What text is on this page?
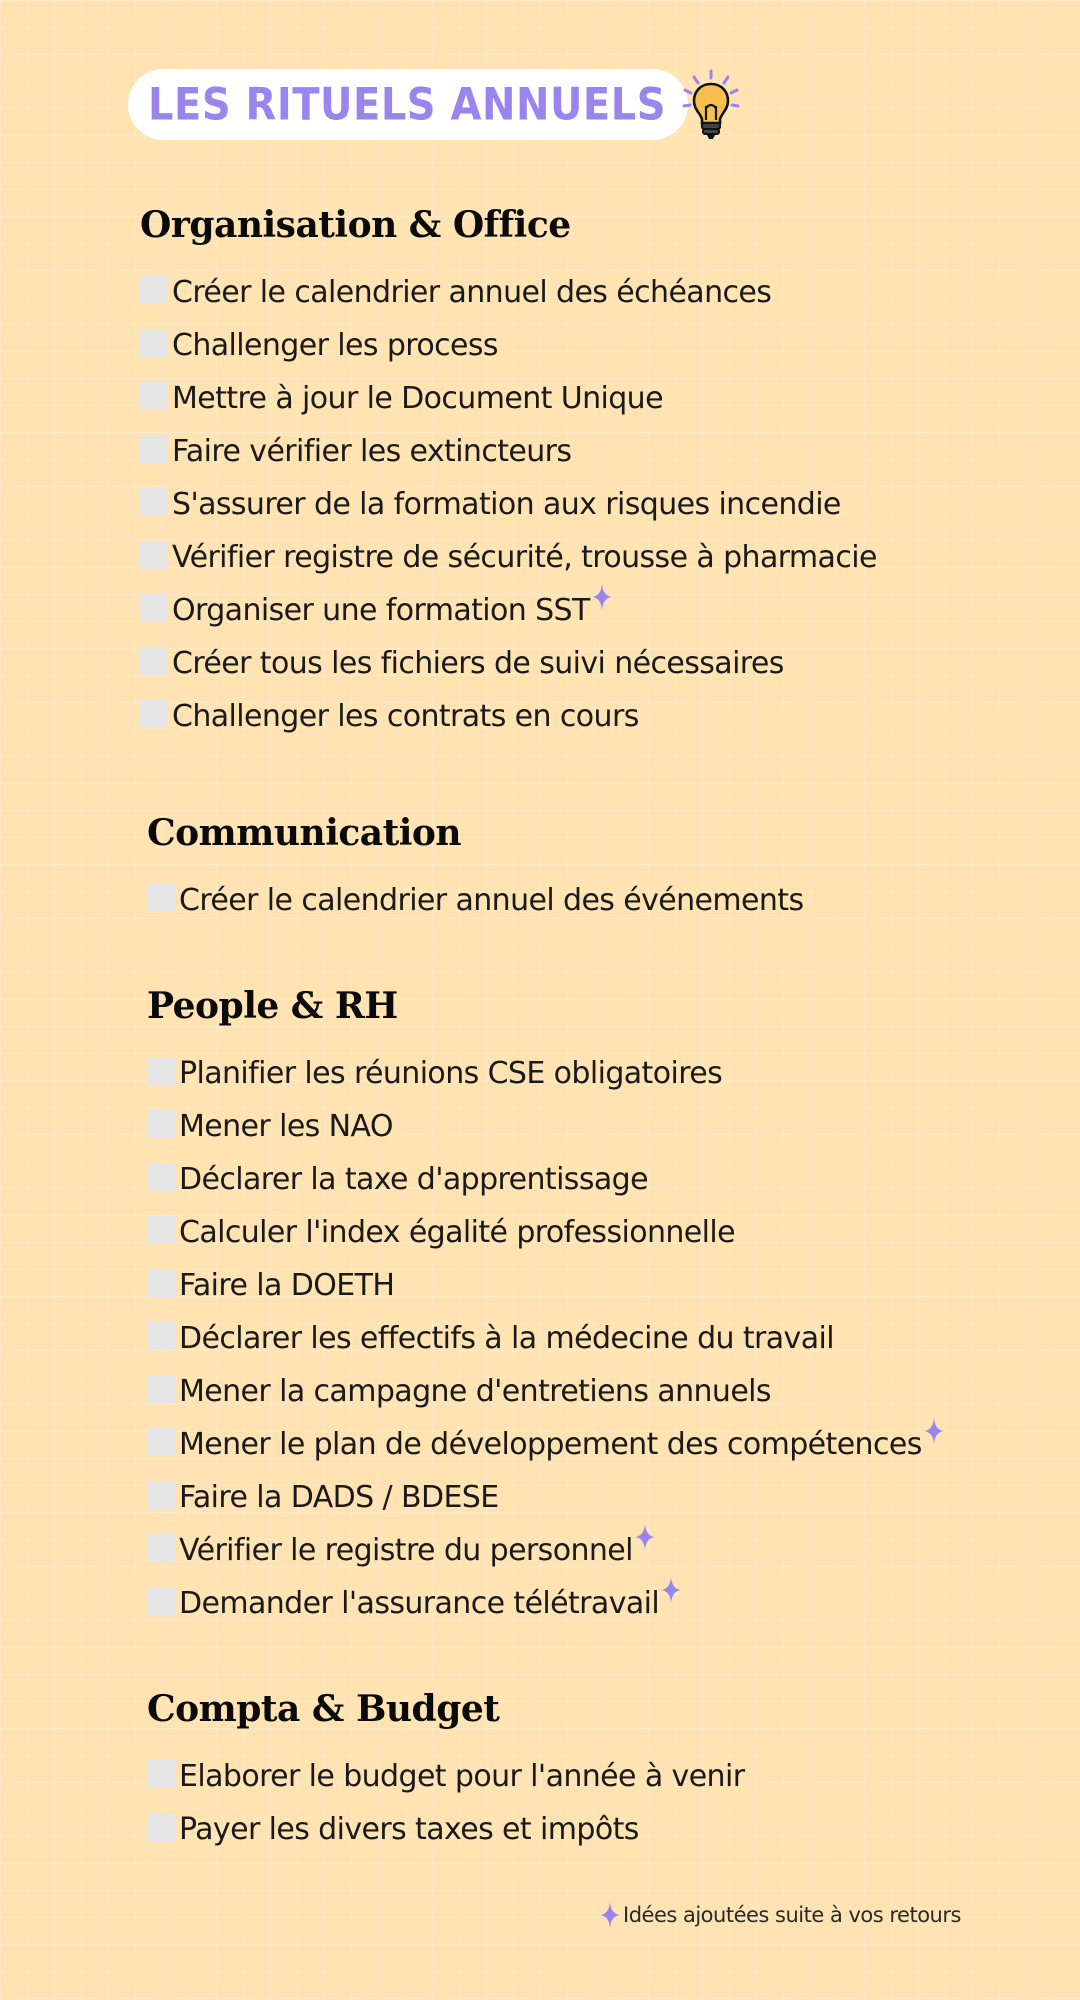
LES RITUELS ANNUELS
Organisation & Office
Créer le calendrier annuel des échéances
Challenger les process
Mettre à jour le Document Unique
Faire vérifier les extincteurs
S'assurer de la formation aux risques incendie
Vérifier registre de sécurité, trousse à pharmacie
Organiser une formation SST
Créer tous les fichiers de suivi nécessaires
Challenger les contrats en cours
Communication
Créer le calendrier annuel des événements
People & RH
Planifier les réunions CSE obligatoires
Mener les NAO
Déclarer la taxe d'apprentissage
Calculer l'index égalité professionnelle
Faire la DOETH
Déclarer les effectifs à la médecine du travail
Mener la campagne d'entretiens annuels
Mener le plan de développement des compétences
Faire la DADS / BDESE
Vérifier le registre du personnel
Demander l'assurance télétravail
Compta & Budget
Elaborer le budget pour l'année à venir
Payer les divers taxes et impôts
Idées ajoutées suite à vos retours
